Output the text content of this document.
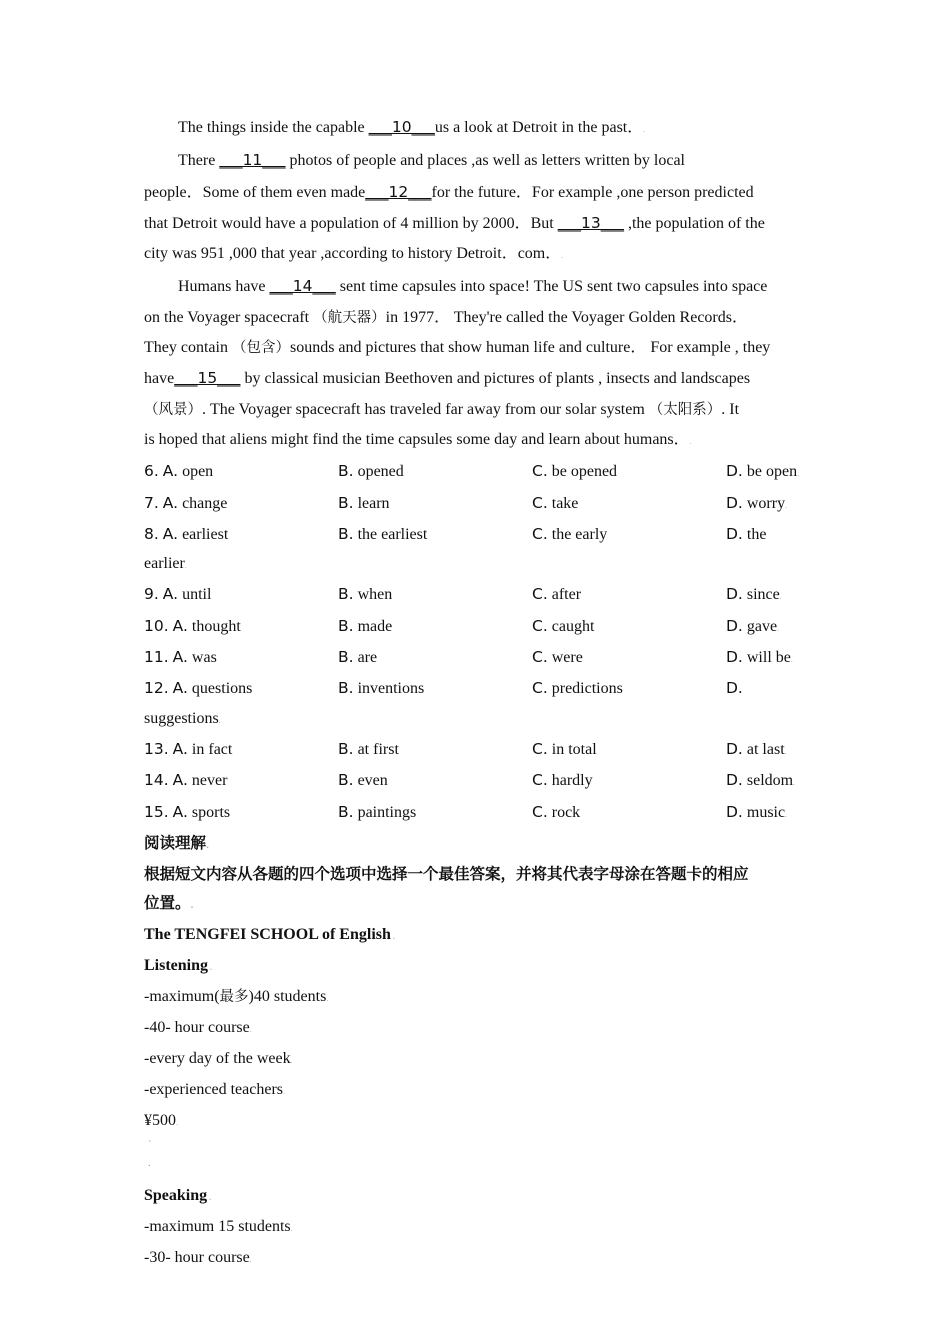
The things inside the capable ___10___us a look at Detroit in the past．.
There ___11___ photos of people and places ,as well as letters written by local
people．Some of them even made___12___for the future．For example ,one person predicted
that Detroit would have a population of 4 million by 2000．But ___13___ ,the population of the
city was 951 ,000 that year ,according to history Detroit．com．.
Humans have ___14___ sent time capsules into space! The US sent two capsules into space
on the Voyager spacecraft （航天器）in 1977． They're called the Voyager Golden Records．
They contain （包含）sounds and pictures that show human life and culture． For example , they
have___15___ by classical musician Beethoven and pictures of plants , insects and landscapes
（风景）. The Voyager spacecraft has traveled far away from our solar system （太阳系）. It
is hoped that aliens might find the time capsules some day and learn about humans．.
6. A. open	B. opened	C. be opened	D. be open.
7. A. change	B. learn	C. take	D. worry.
8. A. earliest	B. the earliest	C. the early	D. the
earlier.
9. A. until	B. when	C. after	D. since.
10. A. thought	B. made	C. caught	D. gave.
11. A. was	B. are	C. were	D. will be.
12. A. questions	B. inventions	C. predictions	D.
suggestions.
13. A. in fact	B. at first	C. in total	D. at last.
14. A. never	B. even	C. hardly	D. seldom.
15. A. sports	B. paintings	C. rock	D. music.
阅读理解.
根据短文内容从各题的四个选项中选择一个最佳答案，并将其代表字母涂在答题卡的相应
位置。.
The TENGFEI SCHOOL of English .
Listening .
-maximum(最多)40 students.
-40- hour course.
-every day of the week.
-experienced teachers.
¥500.
`
.
Speaking .
-maximum 15 students.
-30- hour course.
